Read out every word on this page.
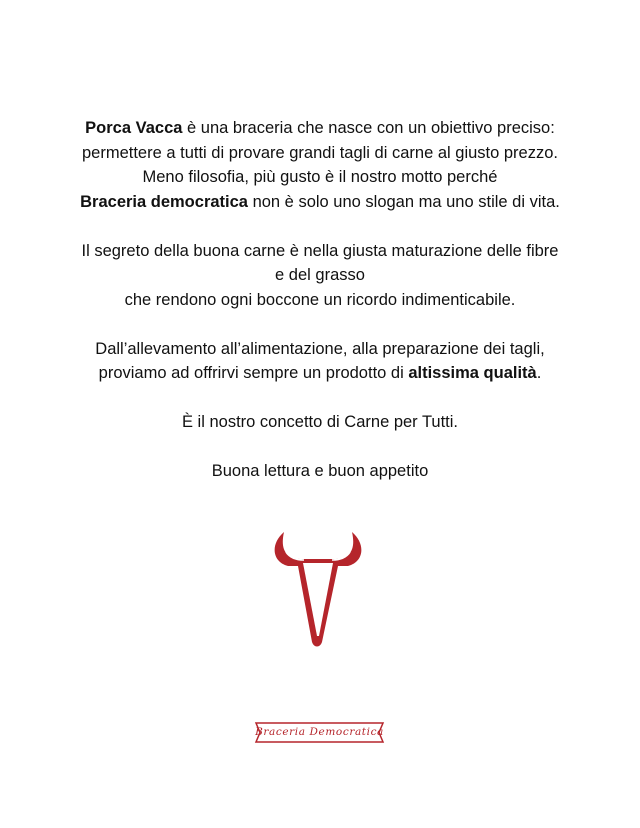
Porca Vacca è una braceria che nasce con un obiettivo preciso:
permettere a tutti di provare grandi tagli di carne al giusto prezzo.
Meno filosofia, più gusto è il nostro motto perché
Braceria democratica non è solo uno slogan ma uno stile di vita.

Il segreto della buona carne è nella giusta maturazione delle fibre
e del grasso
che rendono ogni boccone un ricordo indimenticabile.

Dall’allevamento all’alimentazione, alla preparazione dei tagli,
proviamo ad offrirvi sempre un prodotto di altissima qualità.

È il nostro concetto di Carne per Tutti.

Buona lettura e buon appetito

Braceria Democratica
